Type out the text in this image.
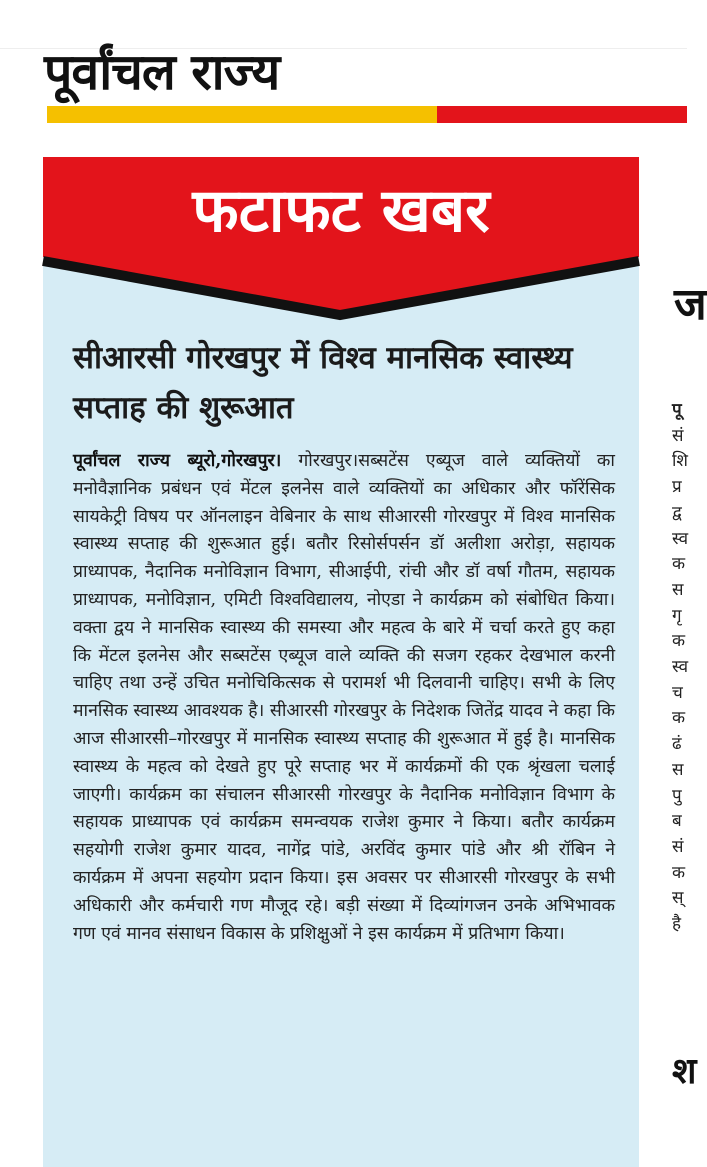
पूर्वांचल राज्य
फटाफट खबर
सीआरसी गोरखपुर में विश्व मानसिक स्वास्थ्य सप्ताह की शुरूआत

पूर्वांचल राज्य ब्यूरो,गोरखपुर। गोरखपुर।सब्सटेंस एब्यूज वाले व्यक्तियों का मनोवैज्ञानिक प्रबंधन एवं मेंटल इलनेस वाले व्यक्तियों का अधिकार और फॉरेंसिक सायकेट्री विषय पर ऑनलाइन वेबिनार के साथ सीआरसी गोरखपुर में विश्व मानसिक स्वास्थ्य सप्ताह की शुरूआत हुई। बतौर रिसोर्सपर्सन डॉ अलीशा अरोड़ा, सहायक प्राध्यापक, नैदानिक मनोविज्ञान विभाग, सीआईपी, रांची और डॉ वर्षा गौतम, सहायक प्राध्यापक, मनोविज्ञान, एमिटी विश्वविद्यालय, नोएडा ने कार्यक्रम को संबोधित किया। वक्ता द्वय ने मानसिक स्वास्थ्य की समस्या और महत्व के बारे में चर्चा करते हुए कहा कि मेंटल इलनेस और सब्सटेंस एब्यूज वाले व्यक्ति की सजग रहकर देखभाल करनी चाहिए तथा उन्हें उचित मनोचिकित्सक से परामर्श भी दिलवानी चाहिए। सभी के लिए मानसिक स्वास्थ्य आवश्यक है। सीआरसी गोरखपुर के निदेशक जितेंद्र यादव ने कहा कि आज सीआरसी–गोरखपुर में मानसिक स्वास्थ्य सप्ताह की शुरूआत में हुई है। मानसिक स्वास्थ्य के महत्व को देखते हुए पूरे सप्ताह भर में कार्यक्रमों की एक श्रृंखला चलाई जाएगी। कार्यक्रम का संचालन सीआरसी गोरखपुर के नैदानिक मनोविज्ञान विभाग के सहायक प्राध्यापक एवं कार्यक्रम समन्वयक राजेश कुमार ने किया। बतौर कार्यक्रम सहयोगी राजेश कुमार यादव, नागेंद्र पांडे, अरविंद कुमार पांडे और श्री रॉबिन ने कार्यक्रम में अपना सहयोग प्रदान किया। इस अवसर पर सीआरसी गोरखपुर के सभी अधिकारी और कर्मचारी गण मौजूद रहे। बड़ी संख्या में दिव्यांगजन उनके अभिभावक गण एवं मानव संसाधन विकास के प्रशिक्षुओं ने इस कार्यक्रम में प्रतिभाग किया।

ज
पू
सं
शि
प्र
द्व
स्व
क
स
गृ
क
स्व
च
क
ढं
स
पु
ब
सं
क
स्
है
श
